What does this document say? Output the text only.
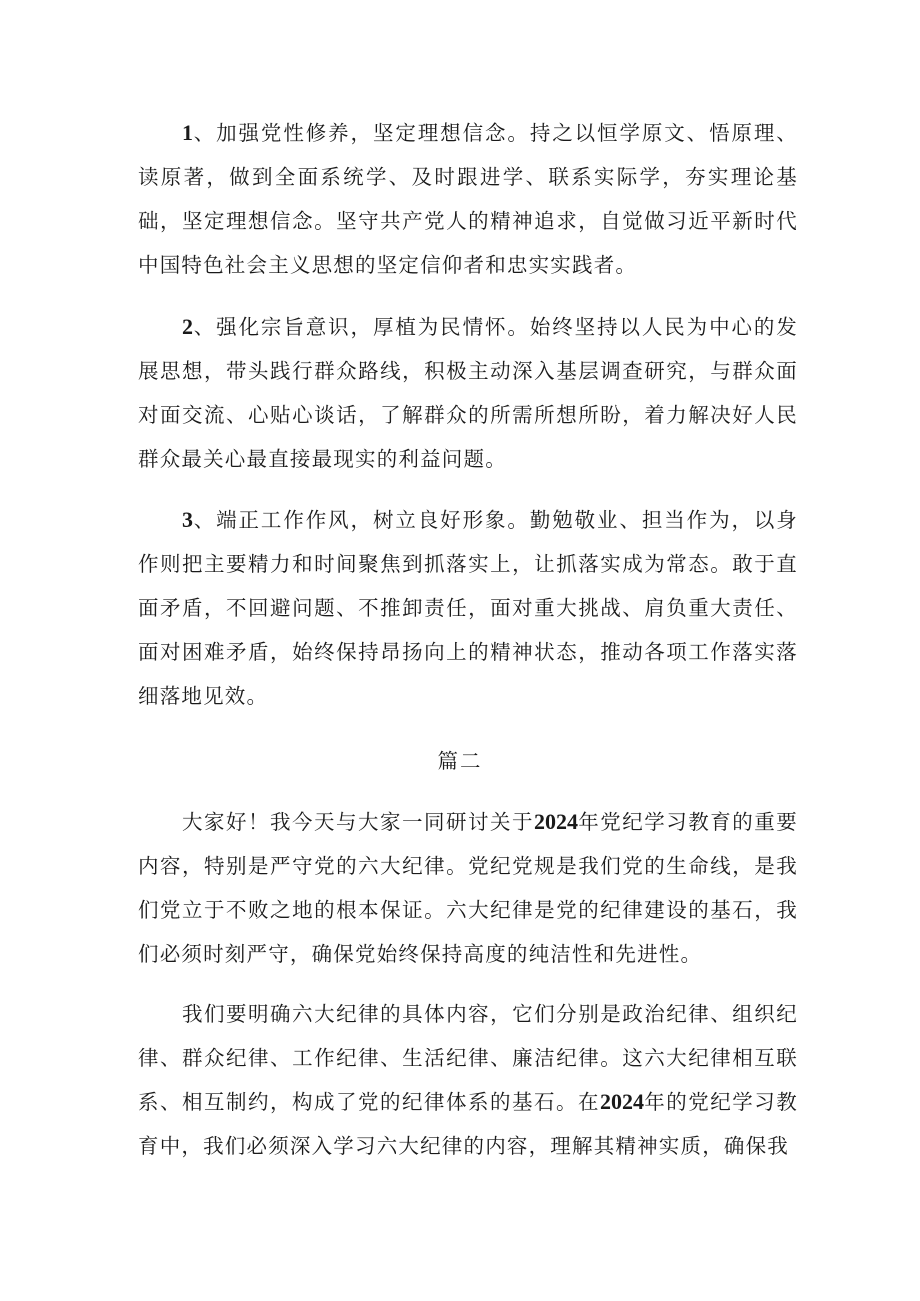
1、加强党性修养，坚定理想信念。持之以恒学原文、悟原理、读原著，做到全面系统学、及时跟进学、联系实际学，夯实理论基础，坚定理想信念。坚守共产党人的精神追求，自觉做习近平新时代中国特色社会主义思想的坚定信仰者和忠实实践者。

2、强化宗旨意识，厚植为民情怀。始终坚持以人民为中心的发展思想，带头践行群众路线，积极主动深入基层调查研究，与群众面对面交流、心贴心谈话，了解群众的所需所想所盼，着力解决好人民群众最关心最直接最现实的利益问题。

3、端正工作作风，树立良好形象。勤勉敬业、担当作为，以身作则把主要精力和时间聚焦到抓落实上，让抓落实成为常态。敢于直面矛盾，不回避问题、不推卸责任，面对重大挑战、肩负重大责任、面对困难矛盾，始终保持昂扬向上的精神状态，推动各项工作落实落细落地见效。

篇二

大家好！我今天与大家一同研讨关于2024年党纪学习教育的重要内容，特别是严守党的六大纪律。党纪党规是我们党的生命线，是我们党立于不败之地的根本保证。六大纪律是党的纪律建设的基石，我们必须时刻严守，确保党始终保持高度的纯洁性和先进性。

我们要明确六大纪律的具体内容，它们分别是政治纪律、组织纪律、群众纪律、工作纪律、生活纪律、廉洁纪律。这六大纪律相互联系、相互制约，构成了党的纪律体系的基石。在2024年的党纪学习教育中，我们必须深入学习六大纪律的内容，理解其精神实质，确保我
